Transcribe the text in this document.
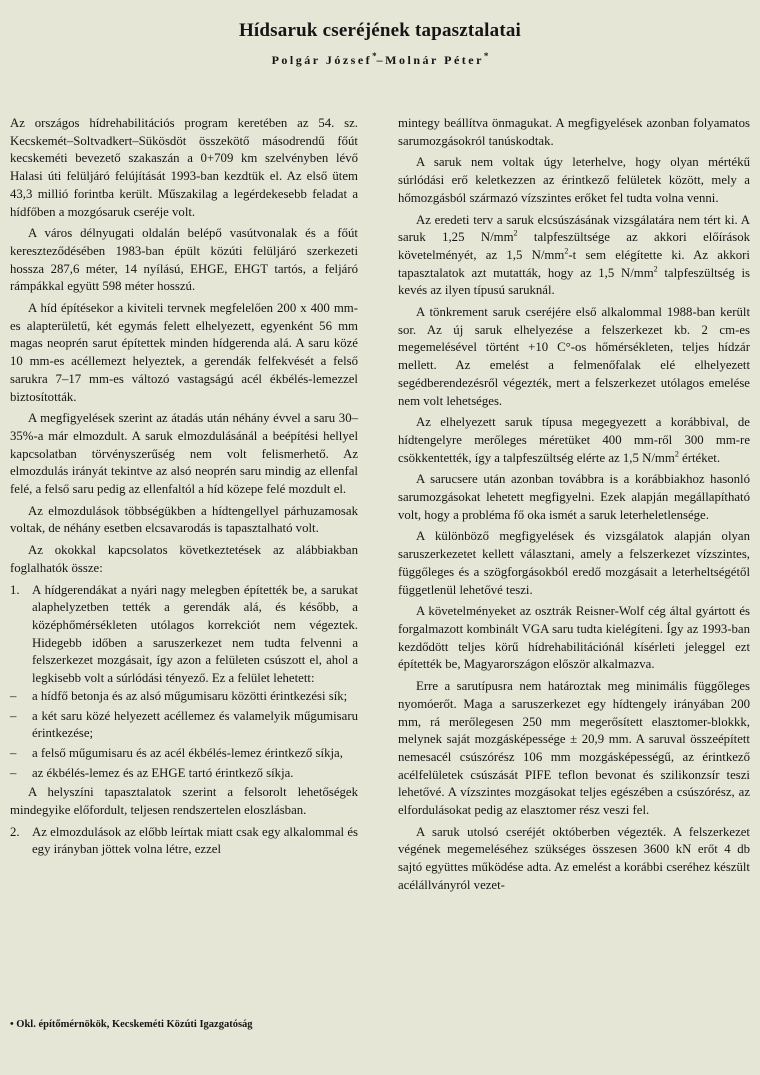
Hídsaruk cseréjének tapasztalatai
Polgár József*–Molnár Péter*

Az országos hídrehabilitációs program keretében az 54. sz. Kecskemét–Soltvadkert–Sükösdöt összekötő másodrendű főút kecskeméti bevezető szakaszán a 0+709 km szelvényben lévő Halasi úti felüljáró felújítását 1993-ban kezdtük el. Az első ütem 43,3 millió forintba került. Műszakilag a legérdekesebb feladat a hídfőben a mozgósaruk cseréje volt.

A város délnyugati oldalán belépő vasútvonalak és a főút kereszteződésében 1983-ban épült közúti felüljáró szerkezeti hossza 287,6 méter, 14 nyílású, EHGE, EHGT tartós, a feljáró rámpákkal együtt 598 méter hosszú.

A híd építésekor a kiviteli tervnek megfelelően 200 x 400 mm-es alapterületű, két egymás felett elhelyezett, egyenként 56 mm magas neoprén sarut építettek minden hídgerenda alá. A saru közé 10 mm-es acéllemezt helyeztek, a gerendák felfekvését a felső sarukra 7–17 mm-es változó vastagságú acél ékbélés-lemezzel biztosították.

A megfigyelések szerint az átadás után néhány évvel a saru 30–35%-a már elmozdult. A saruk elmozdulásánál a beépítési hellyel kapcsolatban törvényszerűség nem volt felismerhető. Az elmozdulás irányát tekintve az alsó neoprén saru mindig az ellenfal felé, a felső saru pedig az ellenfaltól a híd közepe felé mozdult el.

Az elmozdulások többségükben a hídtengellyel párhuzamosak voltak, de néhány esetben elcsavarodás is tapasztalható volt.

Az okokkal kapcsolatos következtetések az alábbiakban foglalhatók össze:

1. A hídgerendákat a nyári nagy melegben építették be, a sarukat alaphelyzetben tették a gerendák alá, és később, a középhőmérsékleten utólagos korrekciót nem végeztek. Hidegebb időben a saruszerkezet nem tudta felvenni a felszerkezet mozgásait, így azon a felületen csúszott el, ahol a legkisebb volt a súrlódási tényező. Ez a felület lehetett:
–	a hídfő betonja és az alsó műgumisaru közötti érintkezési sík;
–	a két saru közé helyezett acéllemez és valamelyik műgumisaru érintkezése;
–	a felső műgumisaru és az acél ékbélés-lemez érintkező síkja,
–	az ékbélés-lemez és az EHGE tartó érintkező síkja.

A helyszíni tapasztalatok szerint a felsorolt lehetőségek mindegyike előfordult, teljesen rendszertelen eloszlásban.

2. Az elmozdulások az előbb leírtak miatt csak egy alkalommal és egy irányban jöttek volna létre, ezzel

mintegy beállítva önmagukat. A megfigyelések azonban folyamatos sarumozgásokról tanúskodtak.

A saruk nem voltak úgy leterhelve, hogy olyan mértékű súrlódási erő keletkezzen az érintkező felületek között, mely a hőmozgásból származó vízszintes erőket fel tudta volna venni.

Az eredeti terv a saruk elcsúszásának vizsgálatára nem tért ki. A saruk 1,25 $N/mm^2$ talpfeszültsége az akkori előírások követelményét, az 1,5 $N/mm^2-t$ sem elégítette ki. Az akkori tapasztalatok azt mutatták, hogy az 1,5 $N/mm^2$ talpfeszültség is kevés az ilyen típusú saruknál.

A tönkrement saruk cseréjére első alkalommal 1988-ban került sor. Az új saruk elhelyezése a felszerkezet kb. 2 cm-es megemelésével történt +10 C°-os hőmérsékleten, teljes hídzár mellett. Az emelést a felmenőfalak elé elhelyezett segédberendezésről végezték, mert a felszerkezet utólagos emelése nem volt lehetséges.

Az elhelyezett saruk típusa megegyezett a korábbival, de hídtengelyre merőleges méretüket 400 mm-ről 300 mm-re csökkentették, így a talpfeszültség elérte az 1,5 $N/mm^2$ értéket.

A sarucsere után azonban továbbra is a korábbiakhoz hasonló sarumozgásokat lehetett megfigyelni. Ezek alapján megállapítható volt, hogy a probléma fő oka ismét a saruk leterheletlensége.

A különböző megfigyelések és vizsgálatok alapján olyan saruszerkezetet kellett választani, amely a felszerkezet vízszintes, függőleges és a szögforgásokból eredő mozgásait a leterheltségétől függetlenül lehetővé teszi.

A követelményeket az osztrák Reisner-Wolf cég által gyártott és forgalmazott kombinált VGA saru tudta kielégíteni. Így az 1993-ban kezdődött teljes körű hídrehabilitációnál kísérleti jeleggel ezt építették be, Magyarországon először alkalmazva.

Erre a sarutípusra nem határoztak meg minimális függőleges nyomóerőt. Maga a saruszerkezet egy hídtengely irányában 200 mm, rá merőlegesen 250 mm megerősített elasztomer-blokkk, melynek saját mozgásképessége ± 20,9 mm. A saruval összeépített nemesacél csúszórész 106 mm mozgásképességű, az érintkező acélfelületek csúszását PIFE teflon bevonat és szilikonzsír teszi lehetővé. A vízszintes mozgásokat teljes egészében a csúszórész, az elfordulásokat pedig az elasztomer rész veszi fel.

A saruk utolsó cseréjét októberben végezték. A felszerkezet végének megemeléséhez szükséges összesen 3600 kN erőt 4 db sajtó együttes működése adta. Az emelést a korábbi cseréhez készült acélállványról vezet-

• Okl. építőmérnökök, Kecskeméti Közúti Igazgatóság
